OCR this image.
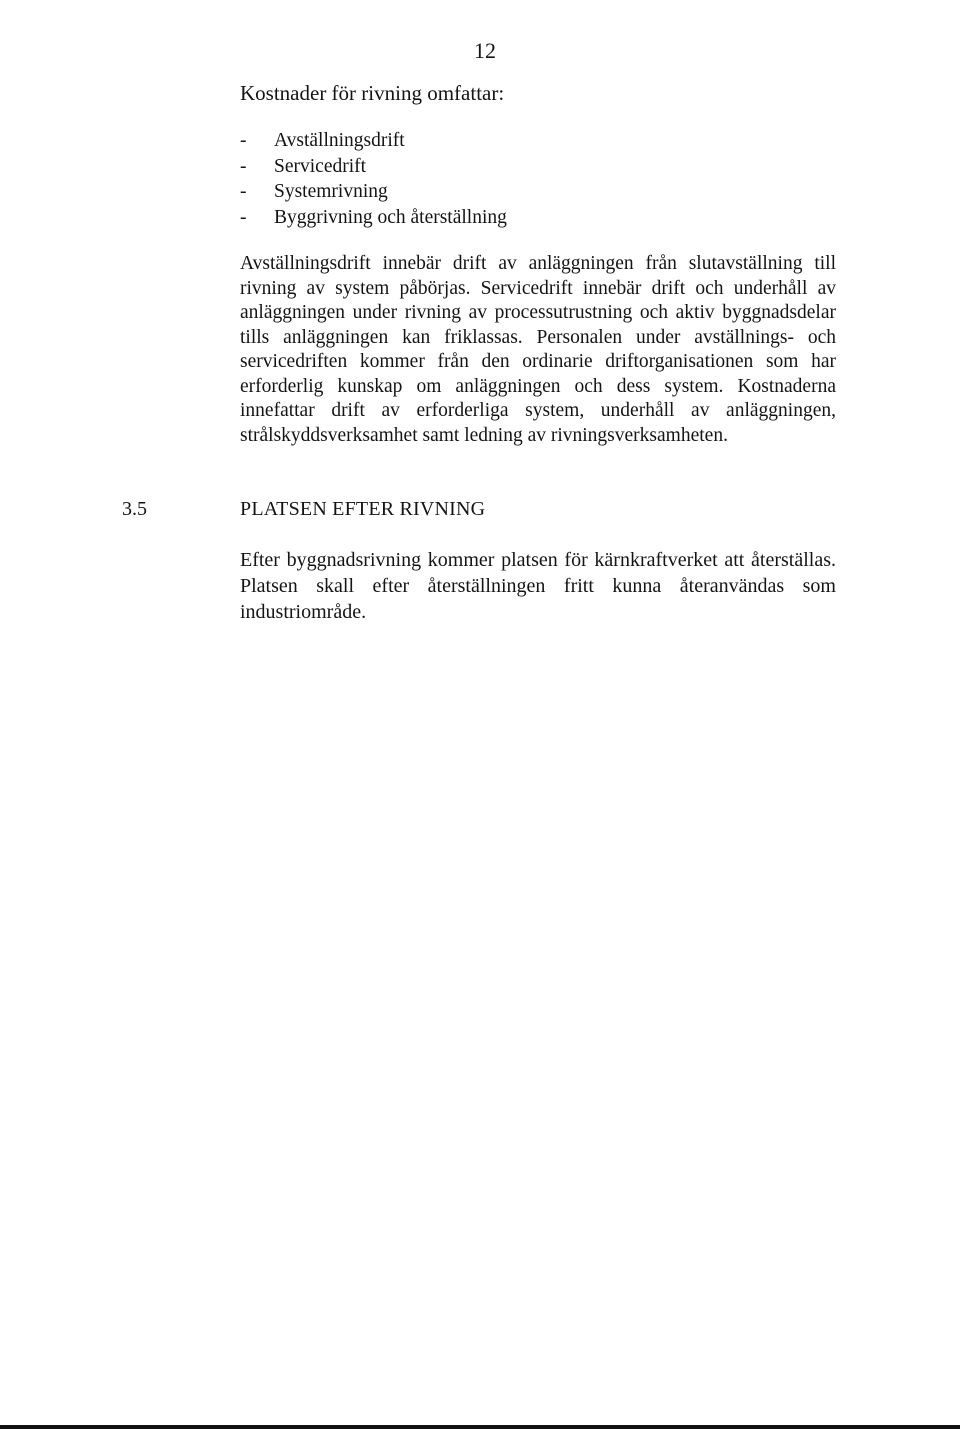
12
Kostnader för rivning omfattar:
- Avställningsdrift
- Servicedrift
- Systemrivning
- Byggrivning och återställning

Avställningsdrift innebär drift av anläggningen från slutavställning till rivning av system påbörjas. Servicedrift innebär drift och underhåll av anläggningen under rivning av processutrustning och aktiv byggnadsdelar tills anläggningen kan friklassas. Personalen under avställnings- och servicedriften kommer från den ordinarie driftorganisationen som har erforderlig kunskap om anläggningen och dess system. Kostnaderna innefattar drift av erforderliga system, underhåll av anläggningen, strålskyddsverksamhet samt ledning av rivningsverksamheten.

3.5	PLATSEN EFTER RIVNING

Efter byggnadsrivning kommer platsen för kärnkraftverket att återställas. Platsen skall efter återställningen fritt kunna återanvändas som industriområde.
